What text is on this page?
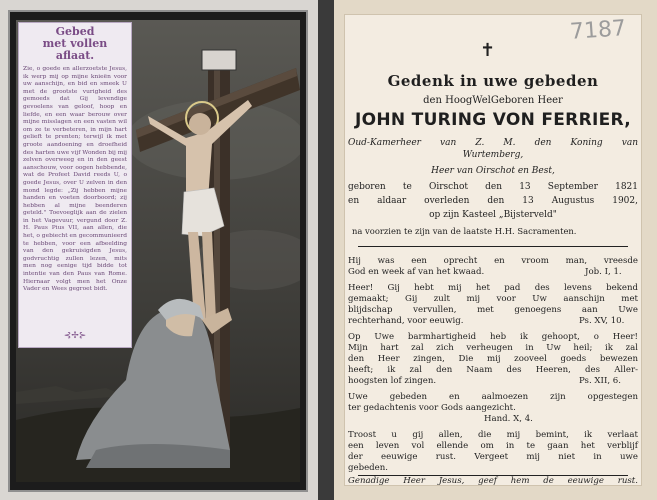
Gebed
met vollen aflaat.
Zie, o goede en allerzoetste Jesus, ik werp mij op mijne knieën voor uw aanschijn, en bid en smeek U met de grootste vurigheid des gemoeds dat Gij levendige gevoelens van geloof, hoop en liefde, en een waar berouw over mijne misslagen en een vasten wil om ze te verbeteren, in mijn hart gelieft te prenten; terwijl ik met groote aandoening en droefheid des harten uwe vijf Wonden bij mij zelven overweeg en in den geest aanschouw, voor oogen hebbende, wat de Profeet David reeds U, o goede Jesus, over U zelven in den mond legde: „Zij hebben mijne handen en voeten doorboord; zij hebben al mijne beenderen geteld." Toevoeglijk aan de zielen in het Vagevuur, vergund door Z. H. Paus Pius VII, aan allen, die het, o gebiecht en gecommunieerd te hebben, voor een afbeelding van den gekruisigden Jesus, godvruchtig zullen lezen, mits men nog eenige tijd bidde tot intentie van den Paus van Rome. Hiernaar volgt men het Onze Vader en Wees gegroet bidt.
⊰✢⊱
7187
✝
Gedenk in uwe gebeden
den HoogWelGeboren Heer
JOHN TURING VON FERRIER,
Oud-Kamerheer van Z. M. den Koning van
Wurtemberg,
Heer van Oirschot en Best,
geboren te Oirschot den 13 September 1821
en aldaar overleden den 13 Augustus 1902,
op zijn Kasteel „Bijsterveld"
na voorzien te zijn van de laatste H.H. Sacramenten.
Hij was een oprecht en vroom man, vreesde
God en week af van het kwaad.	Job. I, 1.
Heer! Gij hebt mij het pad des levens bekend
gemaakt; Gij zult mij voor Uw aanschijn met
blijdschap vervullen, met genoegens aan Uwe
rechterhand, voor eeuwig.	Ps. XV, 10.
Op Uwe barmhartigheid heb ik gehoopt, o Heer!
Mijn hart zal zich verheugen in Uw heil; ik zal
den Heer zingen, Die mij zooveel goeds bewezen
heeft; ik zal den Naam des Heeren, des Aller-
hoogsten lof zingen.	Ps. XII, 6.
Uwe gebeden en aalmoezen zijn opgestegen
ter gedachtenis voor Gods aangezicht.
Hand. X, 4.
Troost u gij allen, die mij bemint, ik verlaat
een leven vol ellende om in te gaan het verblijf
der eeuwige rust. Vergeet mij niet in uwe
gebeden.
Genadige Heer Jesus, geef hem de eeuwige rust.
